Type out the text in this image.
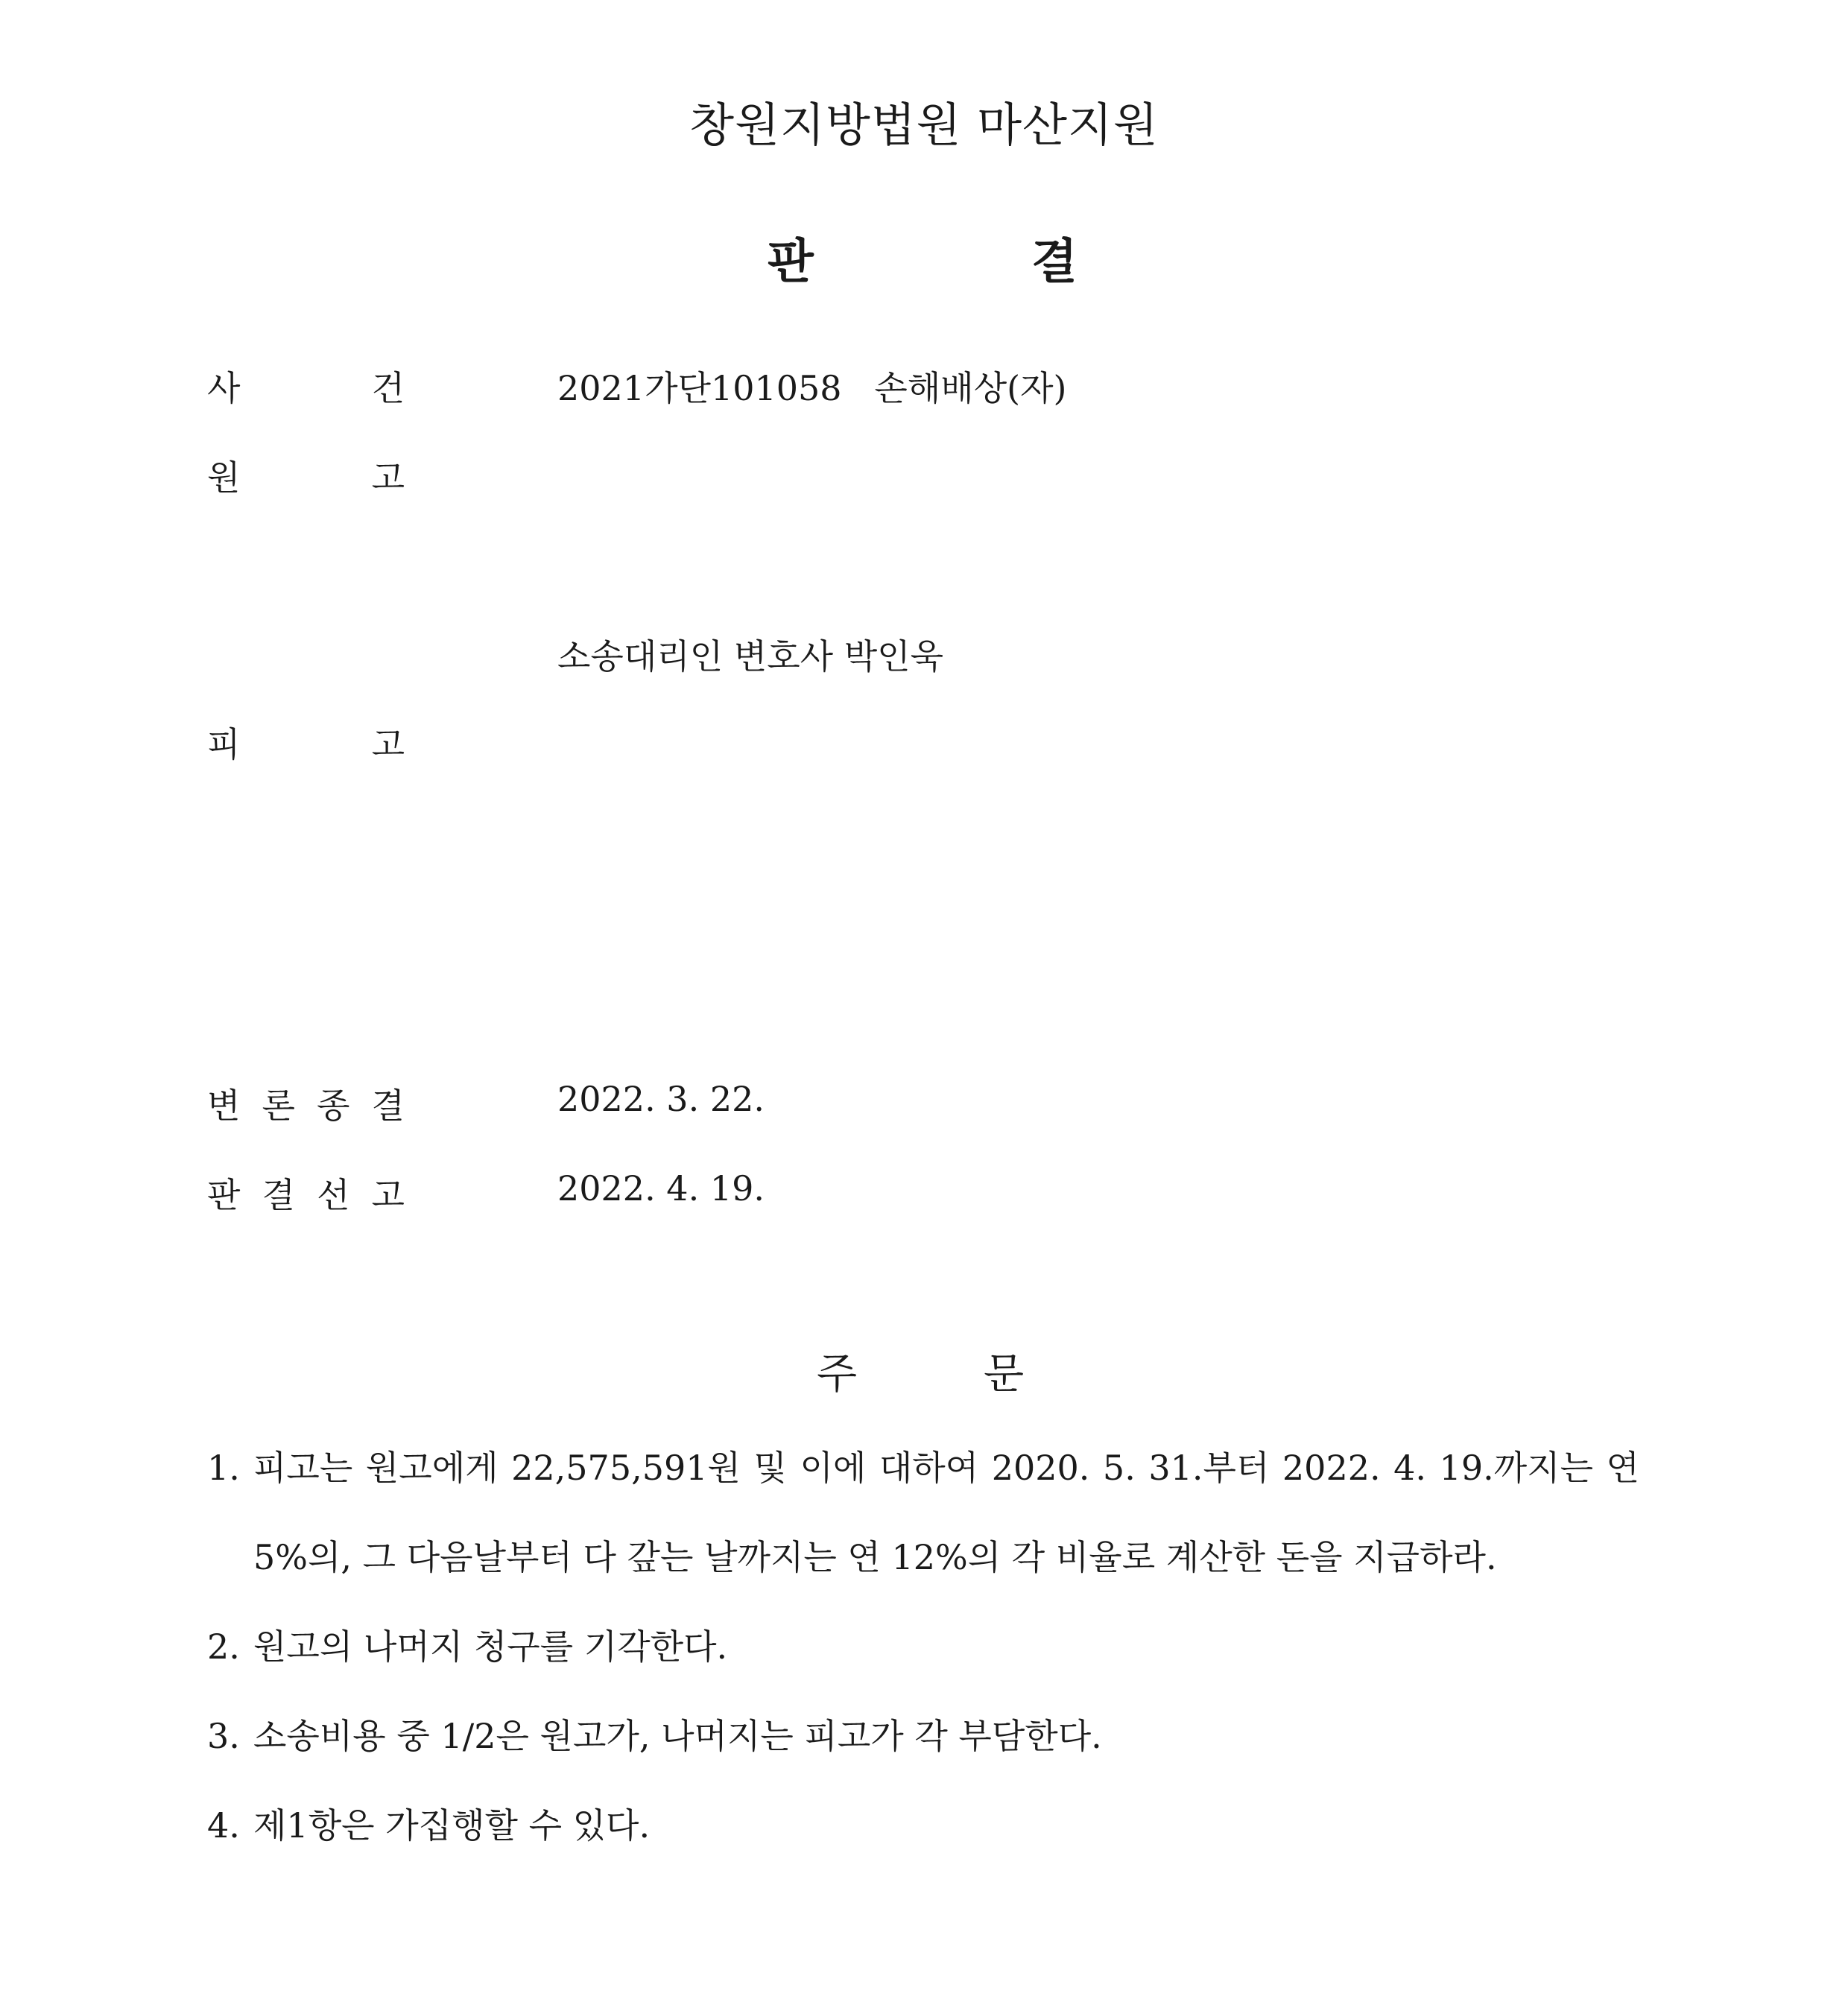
창원지방법원 마산지원
판	결
사	건	2021가단101058   손해배상(자)
원	고
소송대리인 변호사 박인욱
피	고
변 론 종 결	2022. 3. 22.
판 결 선 고	2022. 4. 19.
주	문
1. 피고는 원고에게 22,575,591원 및 이에 대하여 2020. 5. 31.부터 2022. 4. 19.까지는 연 5%의, 그 다음날부터 다 갚는 날까지는 연 12%의 각 비율로 계산한 돈을 지급하라.
2. 원고의 나머지 청구를 기각한다.
3. 소송비용 중 1/2은 원고가, 나머지는 피고가 각 부담한다.
4. 제1항은 가집행할 수 있다.
